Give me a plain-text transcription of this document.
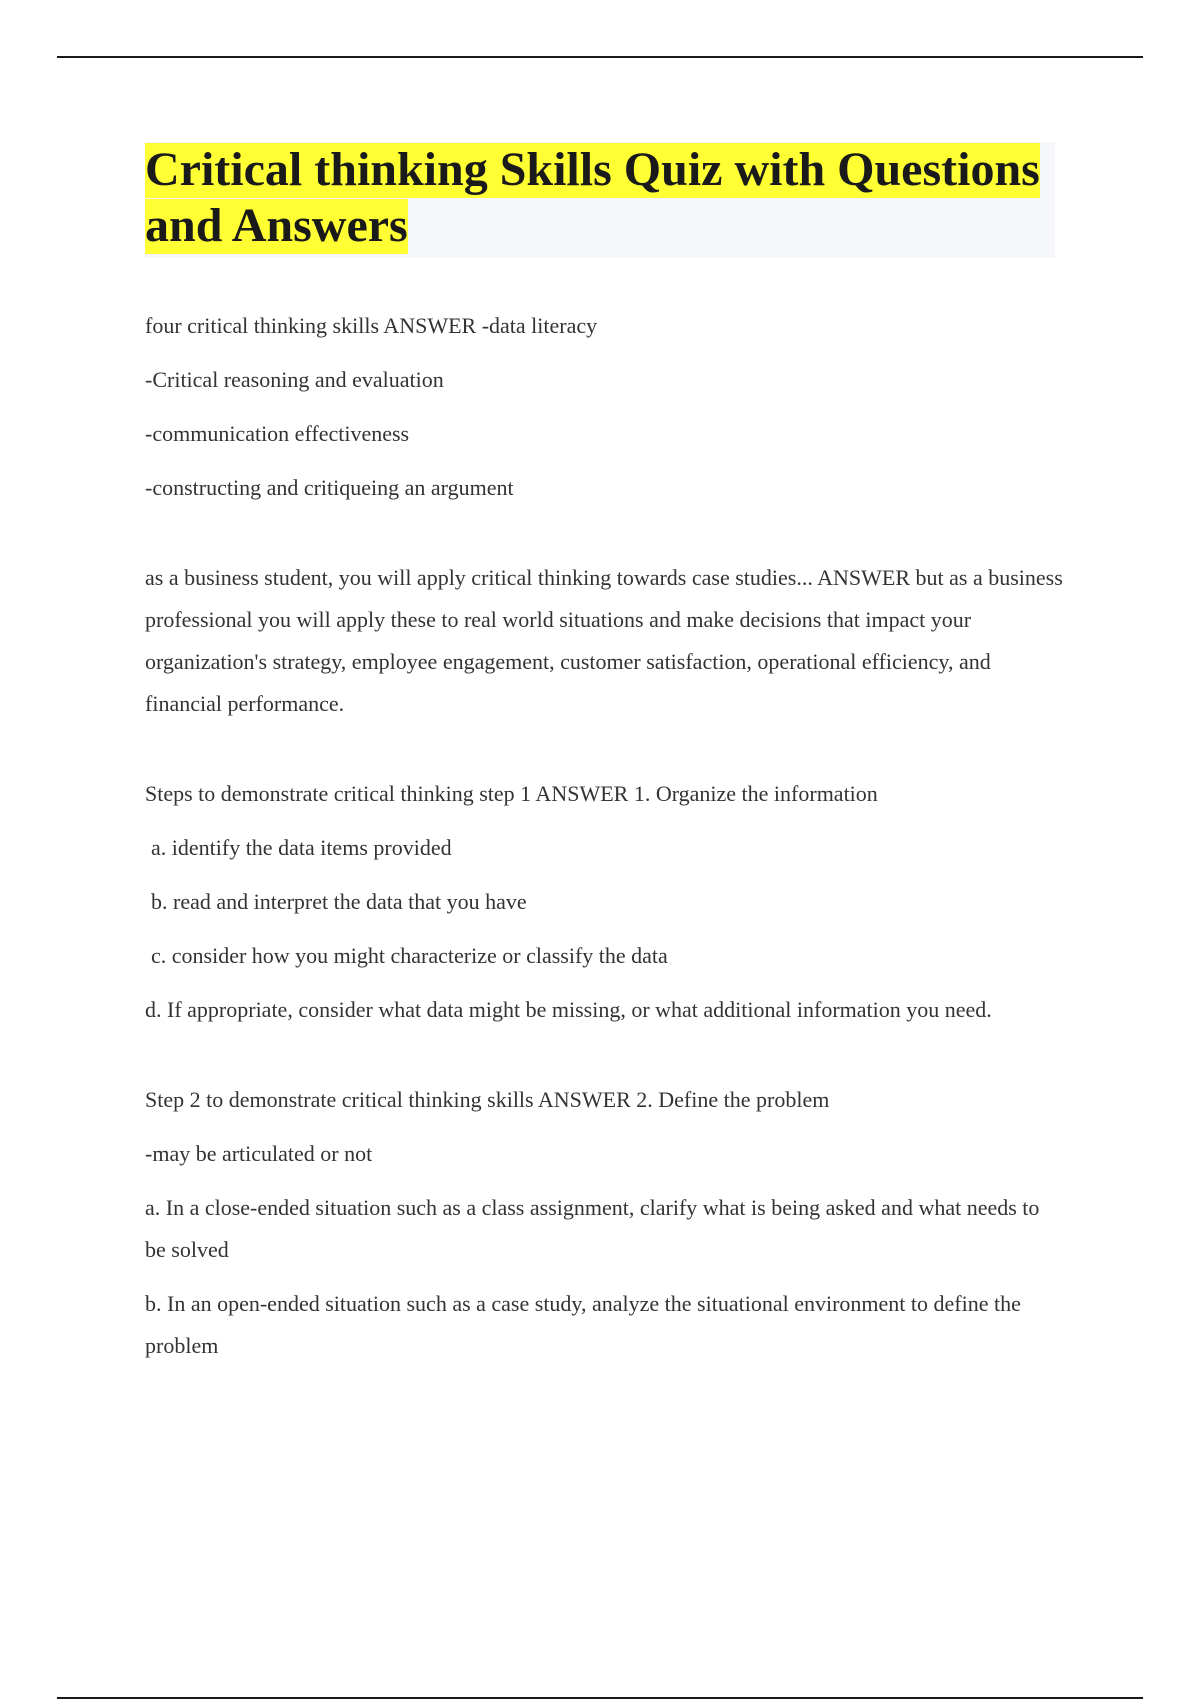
Critical thinking Skills Quiz with Questions and Answers

four critical thinking skills ANSWER -data literacy

-Critical reasoning and evaluation

-communication effectiveness

-constructing and critiqueing an argument

as a business student, you will apply critical thinking towards case studies... ANSWER but as a business professional you will apply these to real world situations and make decisions that impact your organization's strategy, employee engagement, customer satisfaction, operational efficiency, and financial performance.

Steps to demonstrate critical thinking step 1 ANSWER 1. Organize the information

a. identify the data items provided

b. read and interpret the data that you have

c. consider how you might characterize or classify the data

d. If appropriate, consider what data might be missing, or what additional information you need.

Step 2 to demonstrate critical thinking skills ANSWER 2. Define the problem

-may be articulated or not

a. In a close-ended situation such as a class assignment, clarify what is being asked and what needs to be solved

b. In an open-ended situation such as a case study, analyze the situational environment to define the problem
